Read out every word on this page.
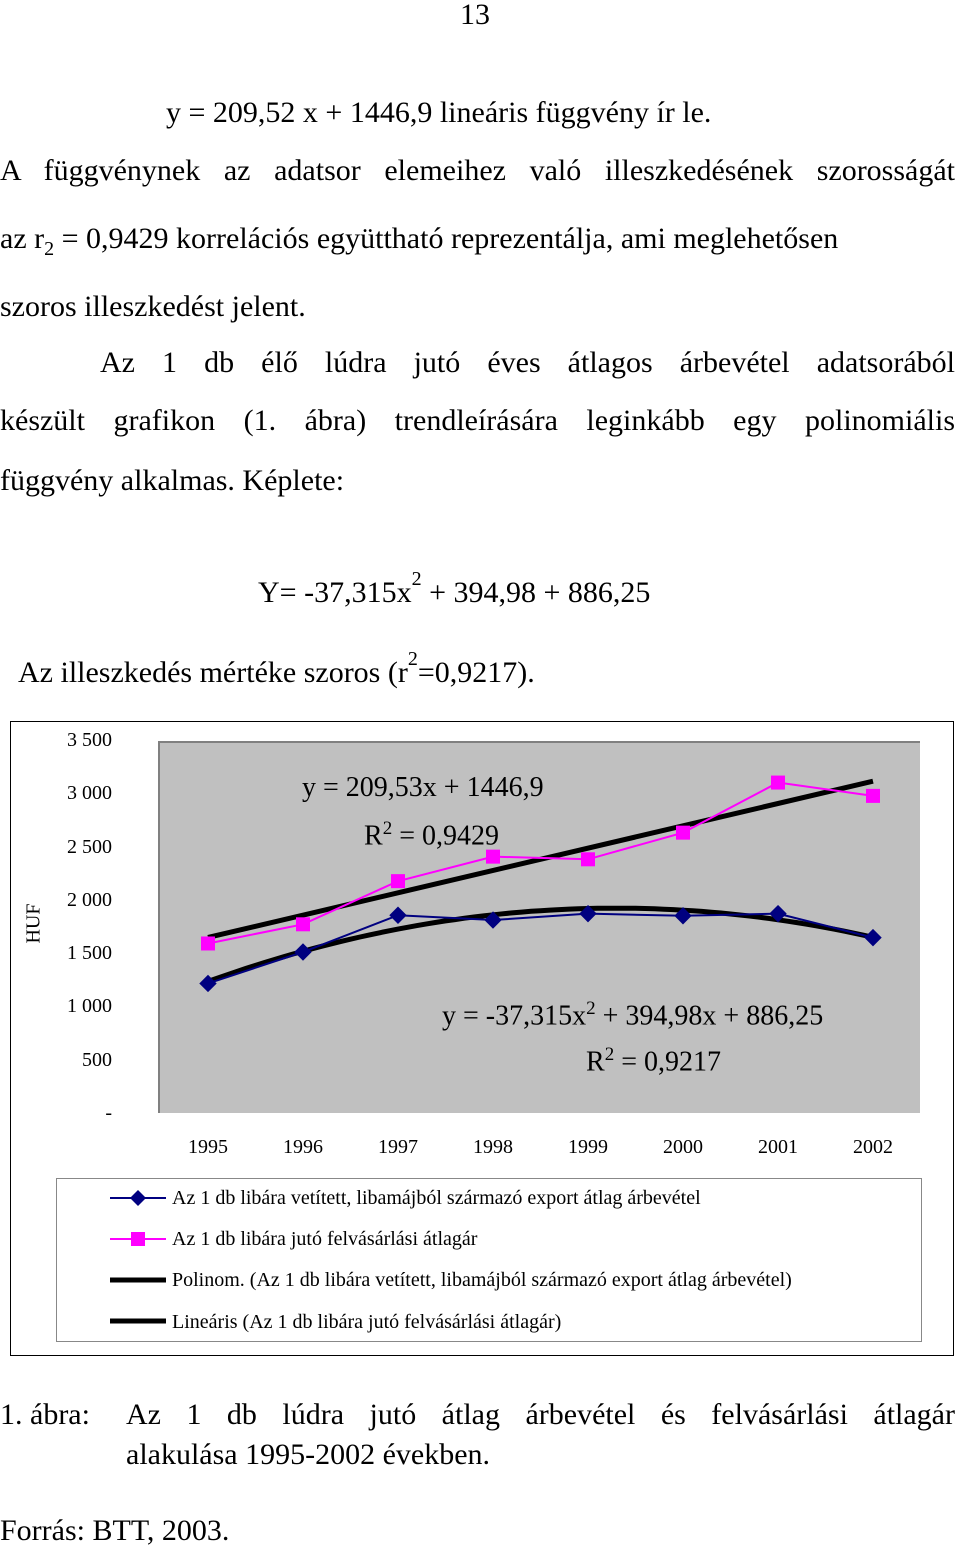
13
y = 209,52 x + 1446,9 lineáris függvény ír le.
A függvénynek az adatsor elemeihez való illeszkedésének szorosságát
az $r_2 = 0,9429$ korrelációs együttható reprezentálja, ami meglehetősen
szoros illeszkedést jelent.
Az 1 db élő lúdra jutó éves átlagos árbevétel adatsorából
készült grafikon (1. ábra) trendleírására leginkább egy polinomiális
függvény alkalmas. Képlete:
$Y= -37,315x^2 + 394,98 + 886,25$
Az illeszkedés mértéke szoros $(r^2=0,9217)$.
HUF
3 500
3 000
2 500
2 000
1 500
1 000
500
-
1995	1996	1997	1998	1999	2000	2001	2002
y = 209,53x + 1446,9
$R^2 = 0,9429$
$y = -37,315x^2 + 394,98x + 886,25$
$R^2 = 0,9217$
Az 1 db libára vetített, libamájból származó export átlag árbevétel
Az 1 db libára jutó felvásárlási átlagár
Polinom. (Az 1 db libára vetített, libamájból származó export átlag árbevétel)
Lineáris (Az 1 db libára jutó felvásárlási átlagár)
1. ábra: Az 1 db lúdra jutó átlag árbevétel és felvásárlási átlagár
alakulása 1995-2002 években.
Forrás: BTT, 2003.
